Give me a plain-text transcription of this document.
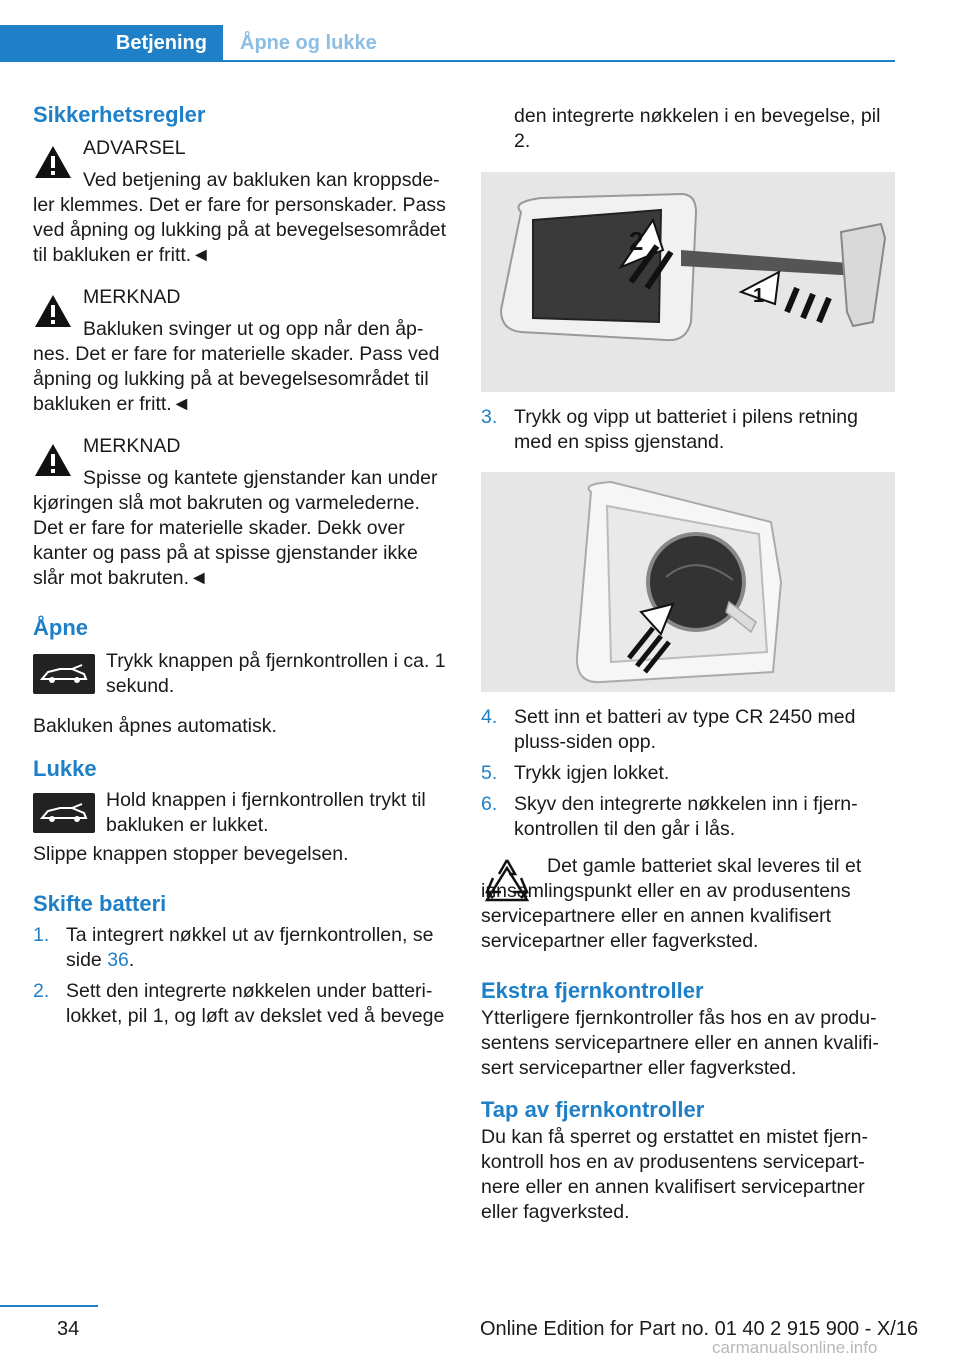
Betjening Åpne og lukke
Sikkerhetsregler
ADVARSEL
Ved betjening av bakluken kan kroppsdeler klemmes. Det er fare for personskader. Pass ved åpning og lukking på at bevegelsesområdet til bakluken er fritt.◄
MERKNAD
Bakluken svinger ut og opp når den åpnes. Det er fare for materielle skader. Pass ved åpning og lukking på at bevegelsesområdet til bakluken er fritt.◄
MERKNAD
Spisse og kantete gjenstander kan under kjøringen slå mot bakruten og varmelederne. Det er fare for materielle skader. Dekk over kanter og pass på at spisse gjenstander ikke slår mot bakruten.◄
Åpne
Trykk knappen på fjernkontrollen i ca. 1 sekund.
Bakluken åpnes automatisk.
Lukke
Hold knappen i fjernkontrollen trykt til bakluken er lukket.
Slippe knappen stopper bevegelsen.
Skifte batteri
1. Ta integrert nøkkel ut av fjernkontrollen, se side 36.
2. Sett den integrerte nøkkelen under batterilokket, pil 1, og løft av dekslet ved å bevege
den integrerte nøkkelen i en bevegelse, pil 2.
2
1
3. Trykk og vipp ut batteriet i pilens retning med en spiss gjenstand.
4. Sett inn et batteri av type CR 2450 med pluss-siden opp.
5. Trykk igjen lokket.
6. Skyv den integrerte nøkkelen inn i fjernkontrollen til den går i lås.
Det gamle batteriet skal leveres til et innsamlingspunkt eller en av produsentens servicepartnere eller en annen kvalifisert servicepartner eller fagverksted.
Ekstra fjernkontroller
Ytterligere fjernkontroller fås hos en av produsentens servicepartnere eller en annen kvalifisert servicepartner eller fagverksted.
Tap av fjernkontroller
Du kan få sperret og erstattet en mistet fjernkontroll hos en av produsentens servicepartnere eller en annen kvalifisert servicepartner eller fagverksted.
34	Online Edition for Part no. 01 40 2 915 900 - X/16
carmanualsonline.info
